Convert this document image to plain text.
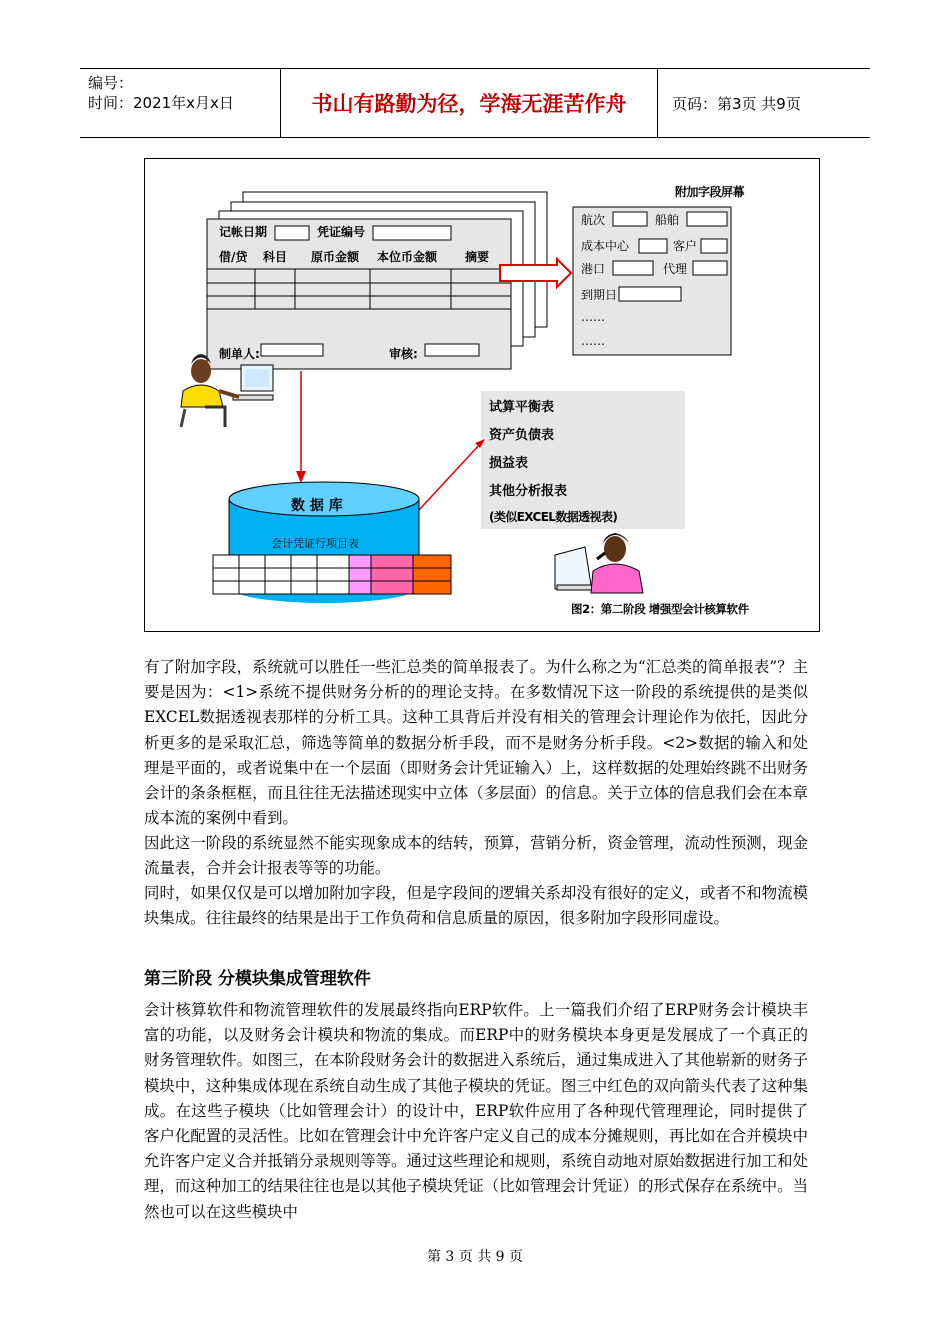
编号：
时间：2021年x月x日	书山有路勤为径，学海无涯苦作舟	页码：第3页 共9页
附加字段屏幕
记帐日期	凭证编号
借/贷 科目 原币金额 本位币金额 摘要
制单人:	审核:
航次	船舶
成本中心	客户
港口	代理
到期日
……
……
试算平衡表
资产负债表
损益表
其他分析报表
(类似EXCEL数据透视表)
数 据 库
会计凭证行项目表
图2：第二阶段 增强型会计核算软件
有了附加字段，系统就可以胜任一些汇总类的简单报表了。为什么称之为“汇总类的简单报表”？主要是因为：<1>系统不提供财务分析的的理论支持。在多数情况下这一阶段的系统提供的是类似EXCEL数据透视表那样的分析工具。这种工具背后并没有相关的管理会计理论作为依托，因此分析更多的是采取汇总，筛选等简单的数据分析手段，而不是财务分析手段。<2>数据的输入和处理是平面的，或者说集中在一个层面（即财务会计凭证输入）上，这样数据的处理始终跳不出财务会计的条条框框，而且往往无法描述现实中立体（多层面）的信息。关于立体的信息我们会在本章成本流的案例中看到。
因此这一阶段的系统显然不能实现象成本的结转，预算，营销分析，资金管理，流动性预测，现金流量表，合并会计报表等等的功能。
同时，如果仅仅是可以增加附加字段，但是字段间的逻辑关系却没有很好的定义，或者不和物流模块集成。往往最终的结果是出于工作负荷和信息质量的原因，很多附加字段形同虚设。
第三阶段 分模块集成管理软件
会计核算软件和物流管理软件的发展最终指向ERP软件。上一篇我们介绍了ERP财务会计模块丰富的功能，以及财务会计模块和物流的集成。而ERP中的财务模块本身更是发展成了一个真正的财务管理软件。如图三，在本阶段财务会计的数据进入系统后，通过集成进入了其他崭新的财务子模块中，这种集成体现在系统自动生成了其他子模块的凭证。图三中红色的双向箭头代表了这种集成。在这些子模块（比如管理会计）的设计中，ERP软件应用了各种现代管理理论，同时提供了客户化配置的灵活性。比如在管理会计中允许客户定义自己的成本分摊规则，再比如在合并模块中允许客户定义合并抵销分录规则等等。通过这些理论和规则，系统自动地对原始数据进行加工和处理，而这种加工的结果往往也是以其他子模块凭证（比如管理会计凭证）的形式保存在系统中。当然也可以在这些模块中
第 3 页 共 9 页
